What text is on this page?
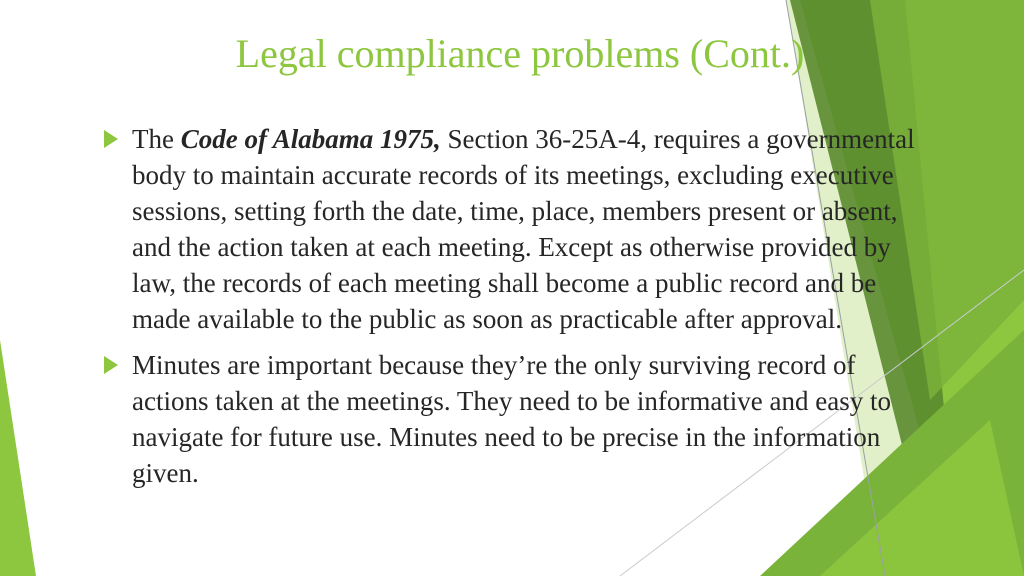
Legal compliance problems (Cont.)
The Code of Alabama 1975, Section 36-25A-4, requires a governmental body to maintain accurate records of its meetings, excluding executive sessions, setting forth the date, time, place, members present or absent, and the action taken at each meeting. Except as otherwise provided by law, the records of each meeting shall become a public record and be made available to the public as soon as practicable after approval.
Minutes are important because they’re the only surviving record of actions taken at the meetings. They need to be informative and easy to navigate for future use. Minutes need to be precise in the information given.
